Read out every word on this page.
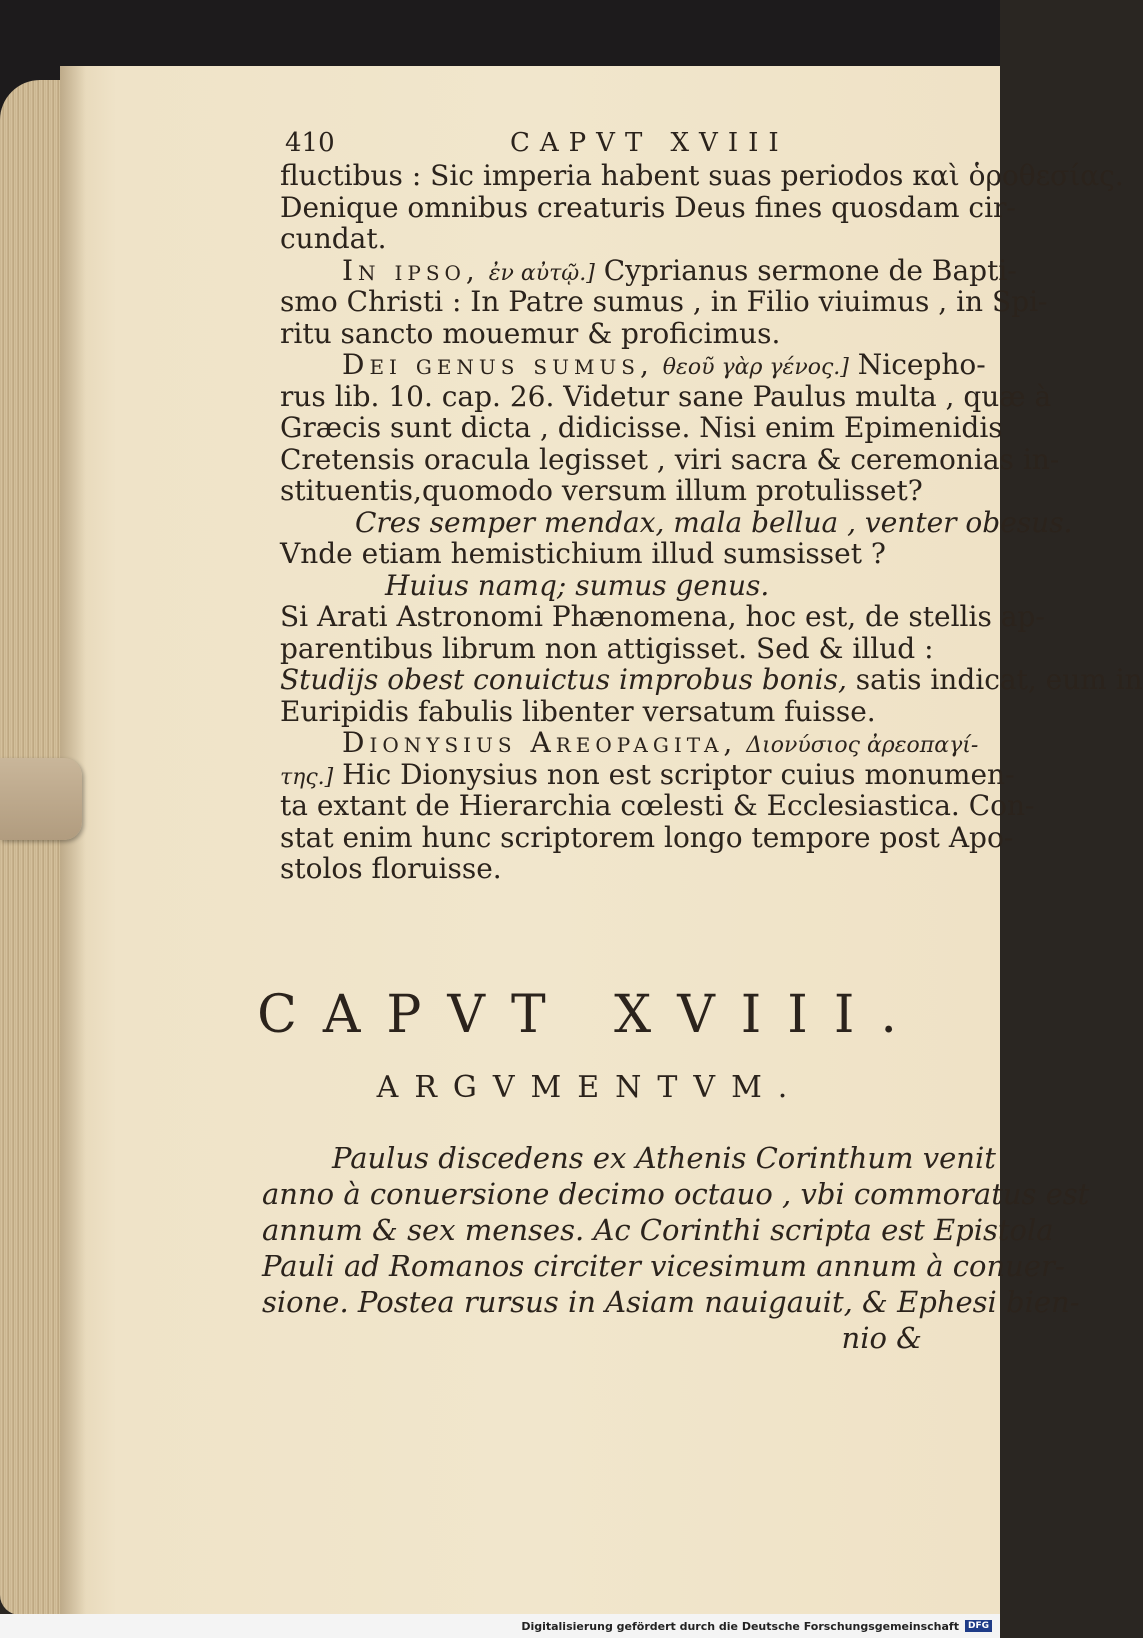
410	CAPVT XVIII
fluctibus : Sic imperia habent suas periodos καὶ ὁροθεσίας.
Denique omnibus creaturis Deus fines quosdam cir-
cundat.
In ipso, ἐν αὐτῷ.] Cyprianus sermone de Bapti-
smo Christi : In Patre sumus , in Filio viuimus , in Spi-
ritu sancto mouemur & proficimus.
Dei genus sumus, θεοῦ γὰρ γένος.] Nicepho-
rus lib. 10. cap. 26. Videtur sane Paulus multa , quæ à
Græcis sunt dicta , didicisse. Nisi enim Epimenidis
Cretensis oracula legisset , viri sacra & ceremonias in-
stituentis,quomodo versum illum protulisset?
Cres semper mendax, mala bellua , venter obesus.
Vnde etiam hemistichium illud sumsisset ?
Huius namq; sumus genus.
Si Arati Astronomi Phænomena, hoc est, de stellis ap-
parentibus librum non attigisset. Sed & illud :
Studijs obest conuictus improbus bonis, satis indicat, eum in
Euripidis fabulis libenter versatum fuisse.
Dionysius Areopagita, Διονύσιος ἀρεοπαγί-
της.] Hic Dionysius non est scriptor cuius monumen-
ta extant de Hierarchia cœlesti & Ecclesiastica. Con-
stat enim hunc scriptorem longo tempore post Apo-
stolos floruisse.
CAPVT XVIII.
ARGVMENTVM.
Paulus discedens ex Athenis Corinthum venit
anno à conuersione decimo octauo , vbi commoratus est
annum & sex menses. Ac Corinthi scripta est Epistola
Pauli ad Romanos circiter vicesimum annum à conuer-
sione. Postea rursus in Asiam nauigauit, & Ephesi bien-
nio &
Digitalisierung gefördert durch die Deutsche Forschungsgemeinschaft	DFG
